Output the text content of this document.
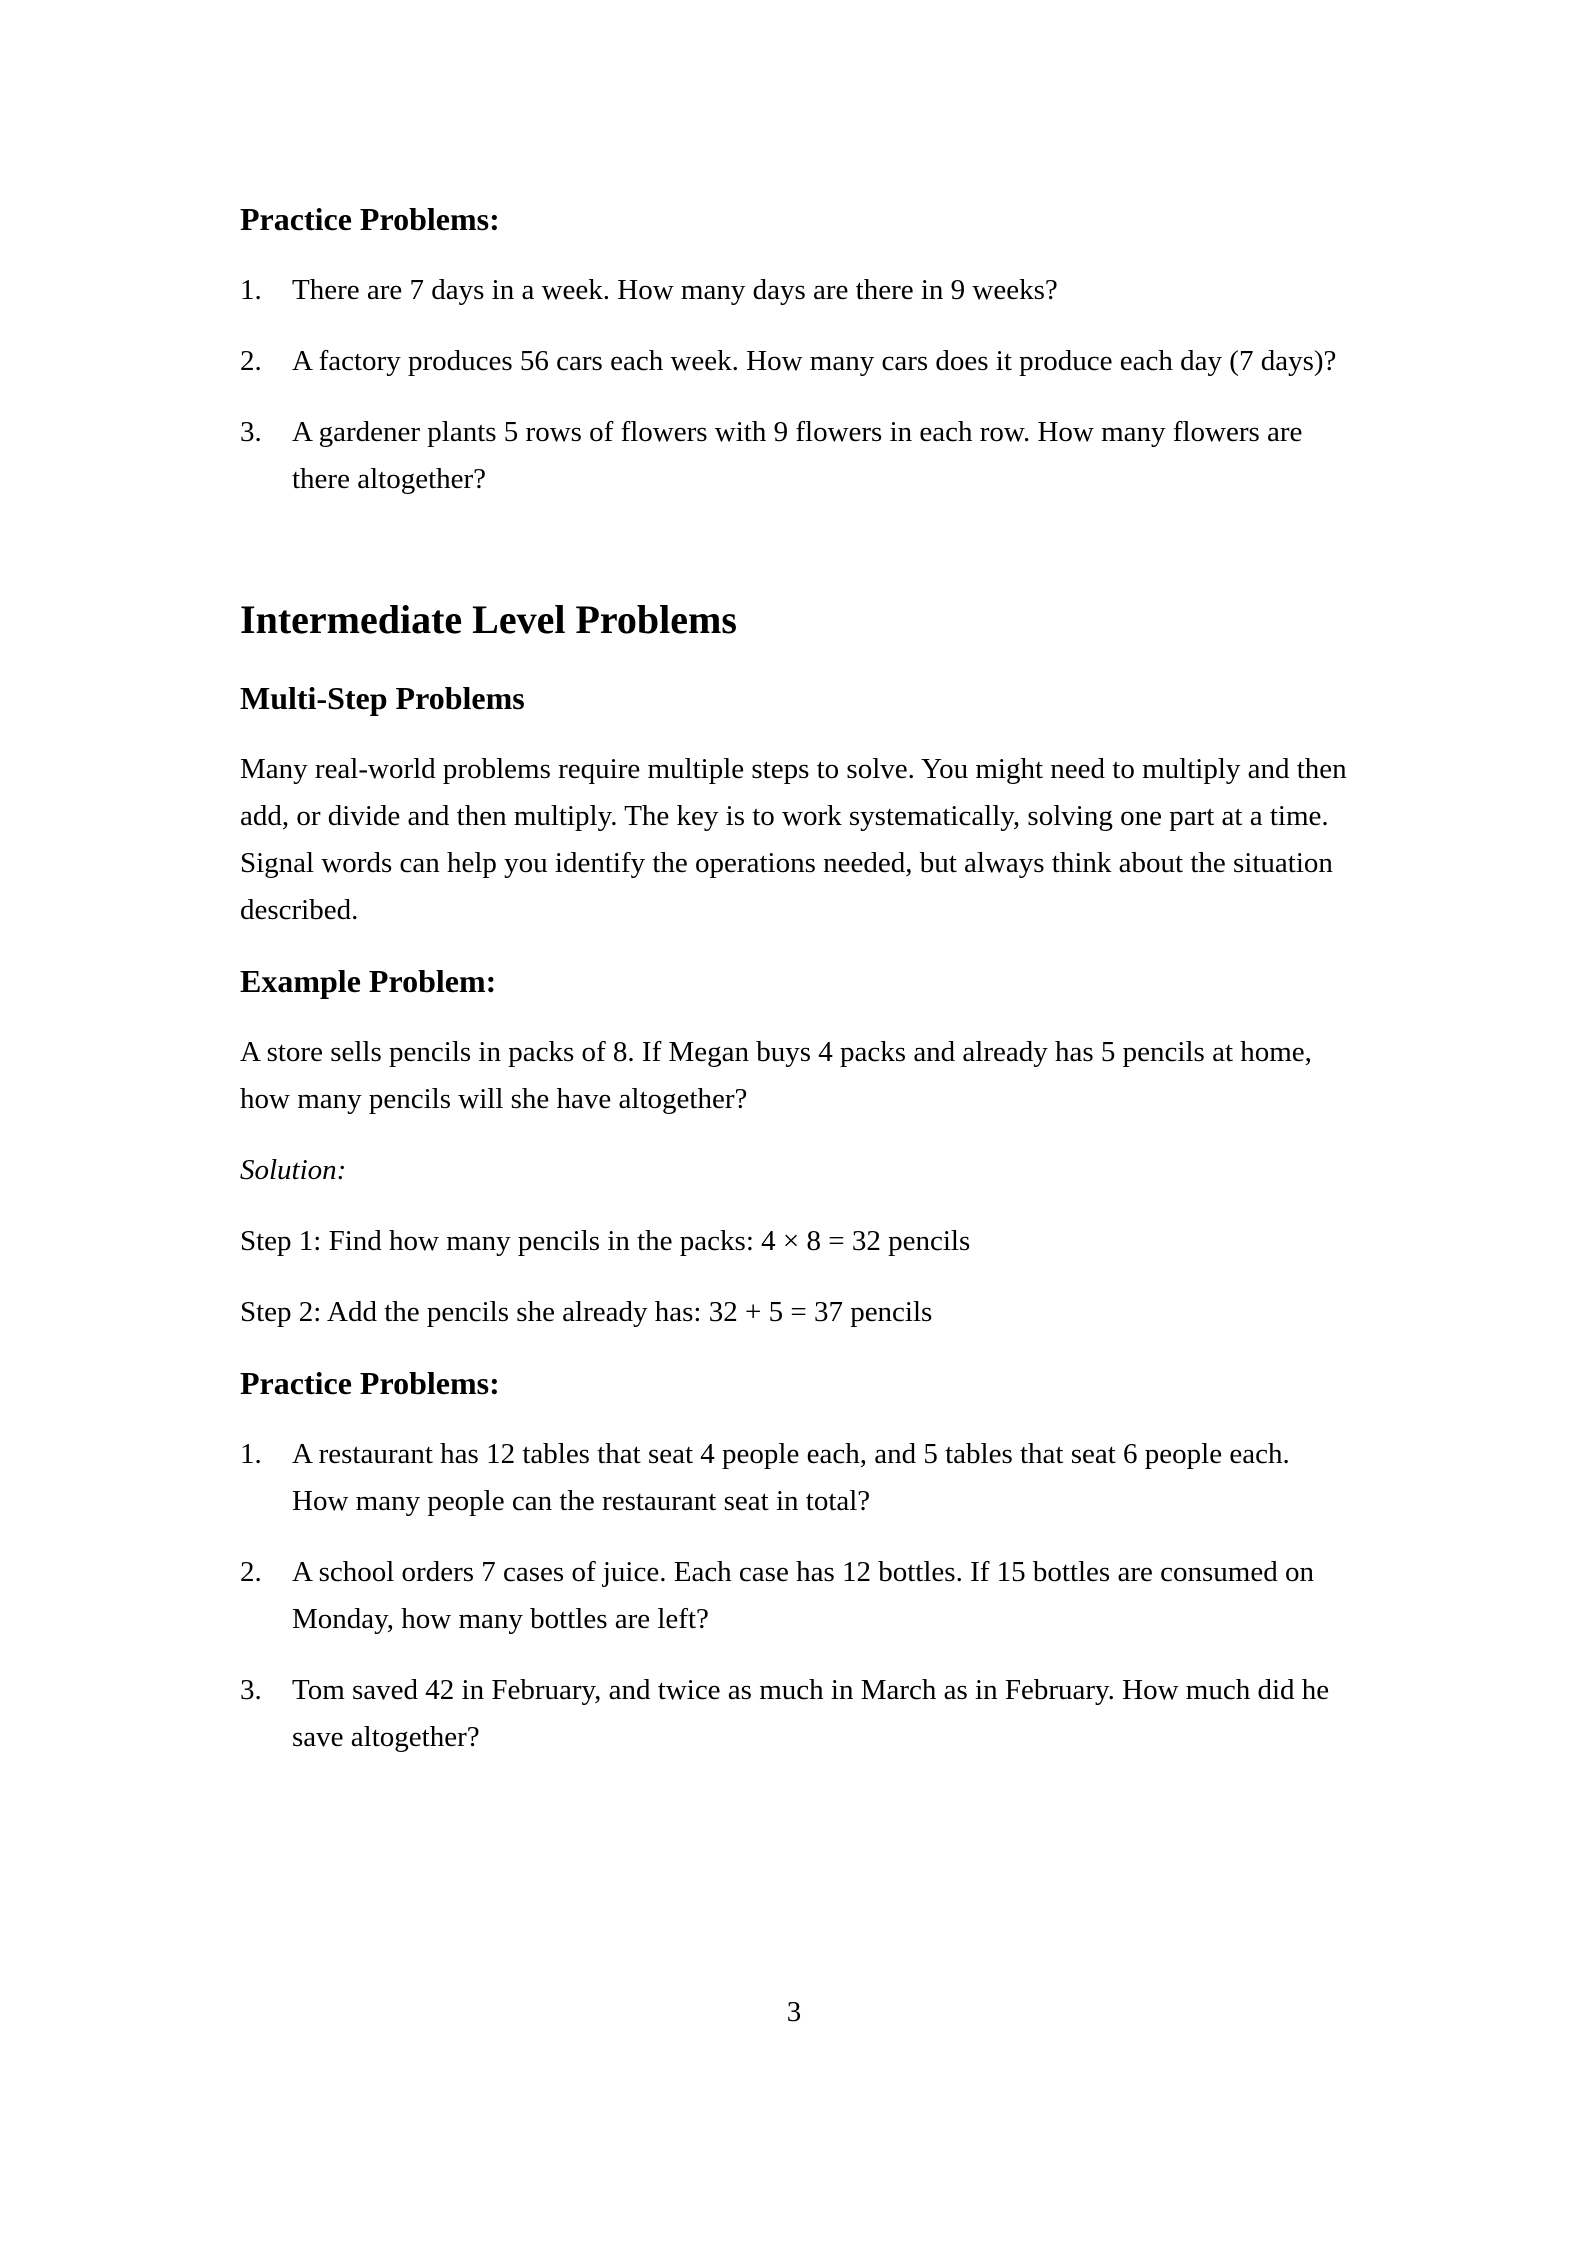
Practice Problems:
1. There are 7 days in a week. How many days are there in 9 weeks?
2. A factory produces 56 cars each week. How many cars does it produce each day (7 days)?
3. A gardener plants 5 rows of flowers with 9 flowers in each row. How many flowers are there altogether?
Intermediate Level Problems
Multi-Step Problems

Many real-world problems require multiple steps to solve. You might need to multiply and then add, or divide and then multiply. The key is to work systematically, solving one part at a time. Signal words can help you identify the operations needed, but always think about the situation described.

Example Problem:

A store sells pencils in packs of 8. If Megan buys 4 packs and already has 5 pencils at home, how many pencils will she have altogether?

Solution:

Step 1: Find how many pencils in the packs: 4 × 8 = 32 pencils

Step 2: Add the pencils she already has: 32 + 5 = 37 pencils

Practice Problems:
1. A restaurant has 12 tables that seat 4 people each, and 5 tables that seat 6 people each. How many people can the restaurant seat in total?
2. A school orders 7 cases of juice. Each case has 12 bottles. If 15 bottles are consumed on Monday, how many bottles are left?
3. Tom saved 42 in February, and twice as much in March as in February. How much did he save altogether?
3
